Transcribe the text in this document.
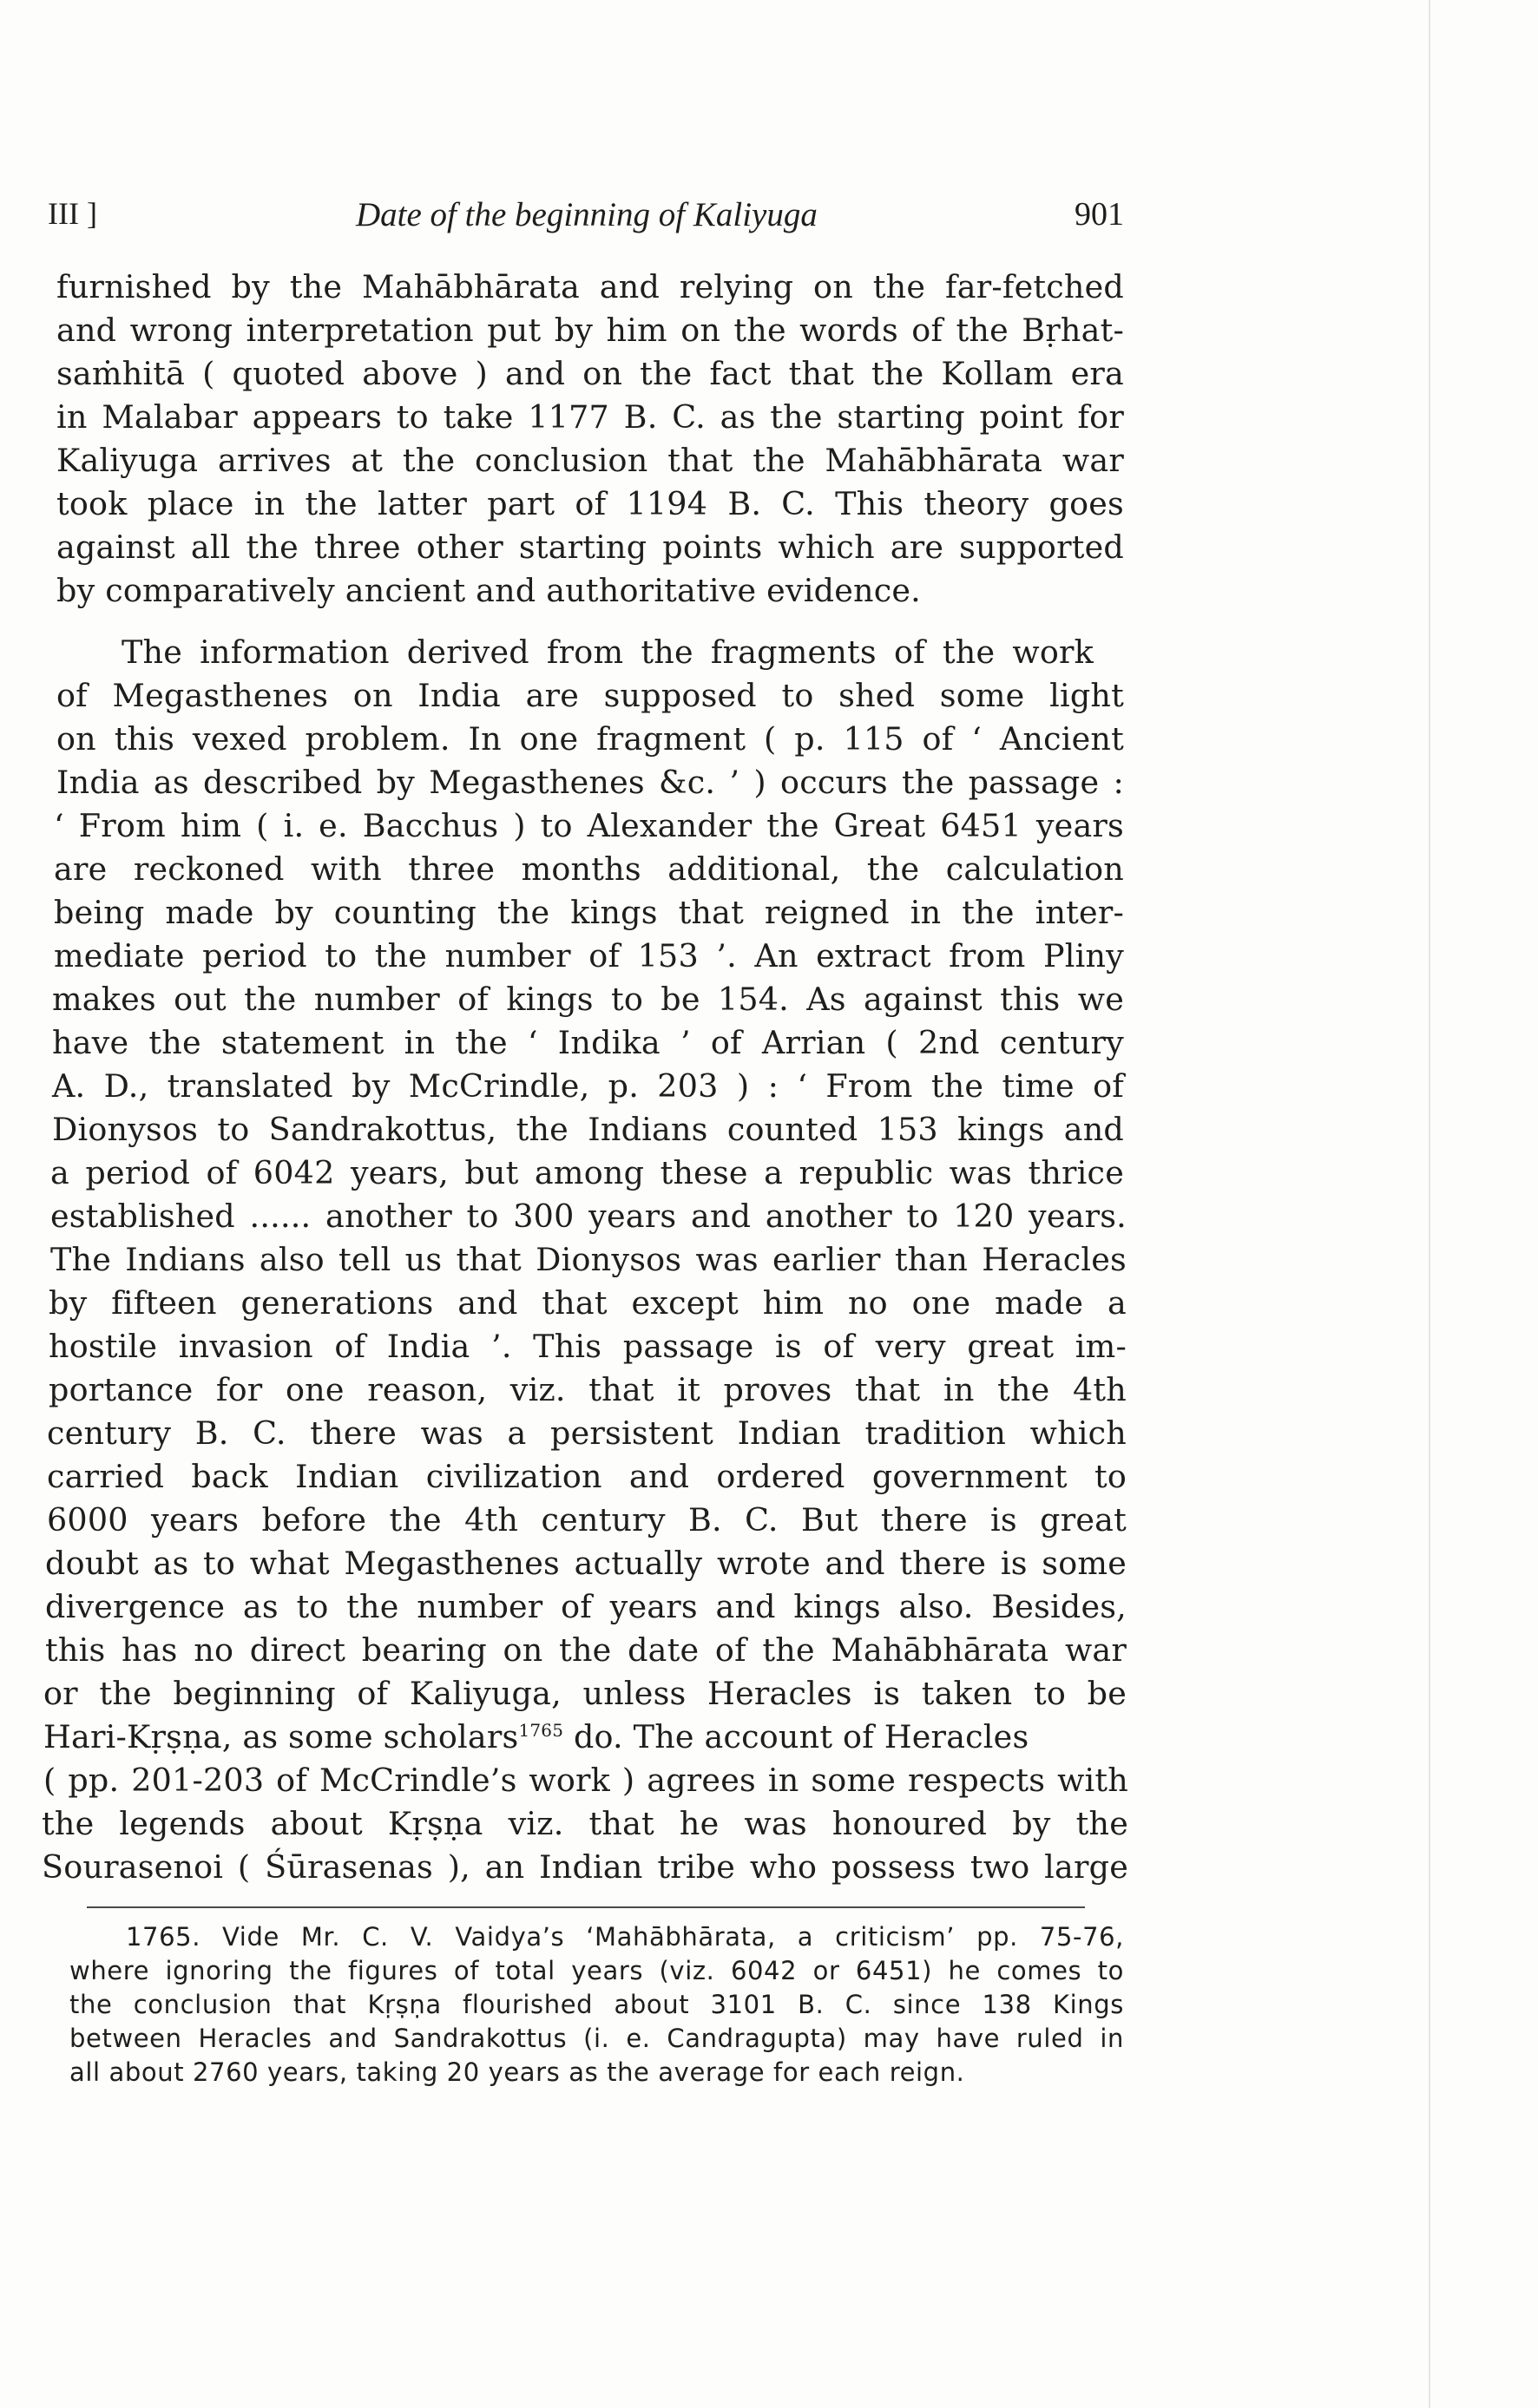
III ]	Date of the beginning of Kaliyuga	901
furnished by the Mahābhārata and relying on the far-fetched
and wrong interpretation put by him on the words of the Bṛhat-
saṁhitā ( quoted above ) and on the fact that the Kollam era
in Malabar appears to take 1177 B. C. as the starting point for
Kaliyuga arrives at the conclusion that the Mahābhārata war
took place in the latter part of 1194 B. C. This theory goes
against all the three other starting points which are supported
by comparatively ancient and authoritative evidence.
The information derived from the fragments of the work
of Megasthenes on India are supposed to shed some light
on this vexed problem. In one fragment ( p. 115 of ‘ Ancient
India as described by Megasthenes &c. ’ ) occurs the passage :
‘ From him ( i. e. Bacchus ) to Alexander the Great 6451 years
are reckoned with three months additional, the calculation
being made by counting the kings that reigned in the inter-
mediate period to the number of 153 ’. An extract from Pliny
makes out the number of kings to be 154. As against this we
have the statement in the ‘ Indika ’ of Arrian ( 2nd century
A. D., translated by McCrindle, p. 203 ) : ‘ From the time of
Dionysos to Sandrakottus, the Indians counted 153 kings and
a period of 6042 years, but among these a republic was thrice
established ...... another to 300 years and another to 120 years.
The Indians also tell us that Dionysos was earlier than Heracles
by fifteen generations and that except him no one made a
hostile invasion of India ’. This passage is of very great im-
portance for one reason, viz. that it proves that in the 4th
century B. C. there was a persistent Indian tradition which
carried back Indian civilization and ordered government to
6000 years before the 4th century B. C. But there is great
doubt as to what Megasthenes actually wrote and there is some
divergence as to the number of years and kings also. Besides,
this has no direct bearing on the date of the Mahābhārata war
or the beginning of Kaliyuga, unless Heracles is taken to be
Hari-Kṛṣṇa, as some scholars$^{1765}$ do. The account of Heracles
( pp. 201-203 of McCrindle’s work ) agrees in some respects with
the legends about Kṛṣṇa viz. that he was honoured by the
Sourasenoi ( Śūrasenas ), an Indian tribe who possess two large
1765. Vide Mr. C. V. Vaidya’s ‘Mahābhārata, a criticism’ pp. 75-76,
where ignoring the figures of total years (viz. 6042 or 6451) he comes to
the conclusion that Kṛṣṇa flourished about 3101 B. C. since 138 Kings
between Heracles and Sandrakottus (i. e. Candragupta) may have ruled in
all about 2760 years, taking 20 years as the average for each reign.
